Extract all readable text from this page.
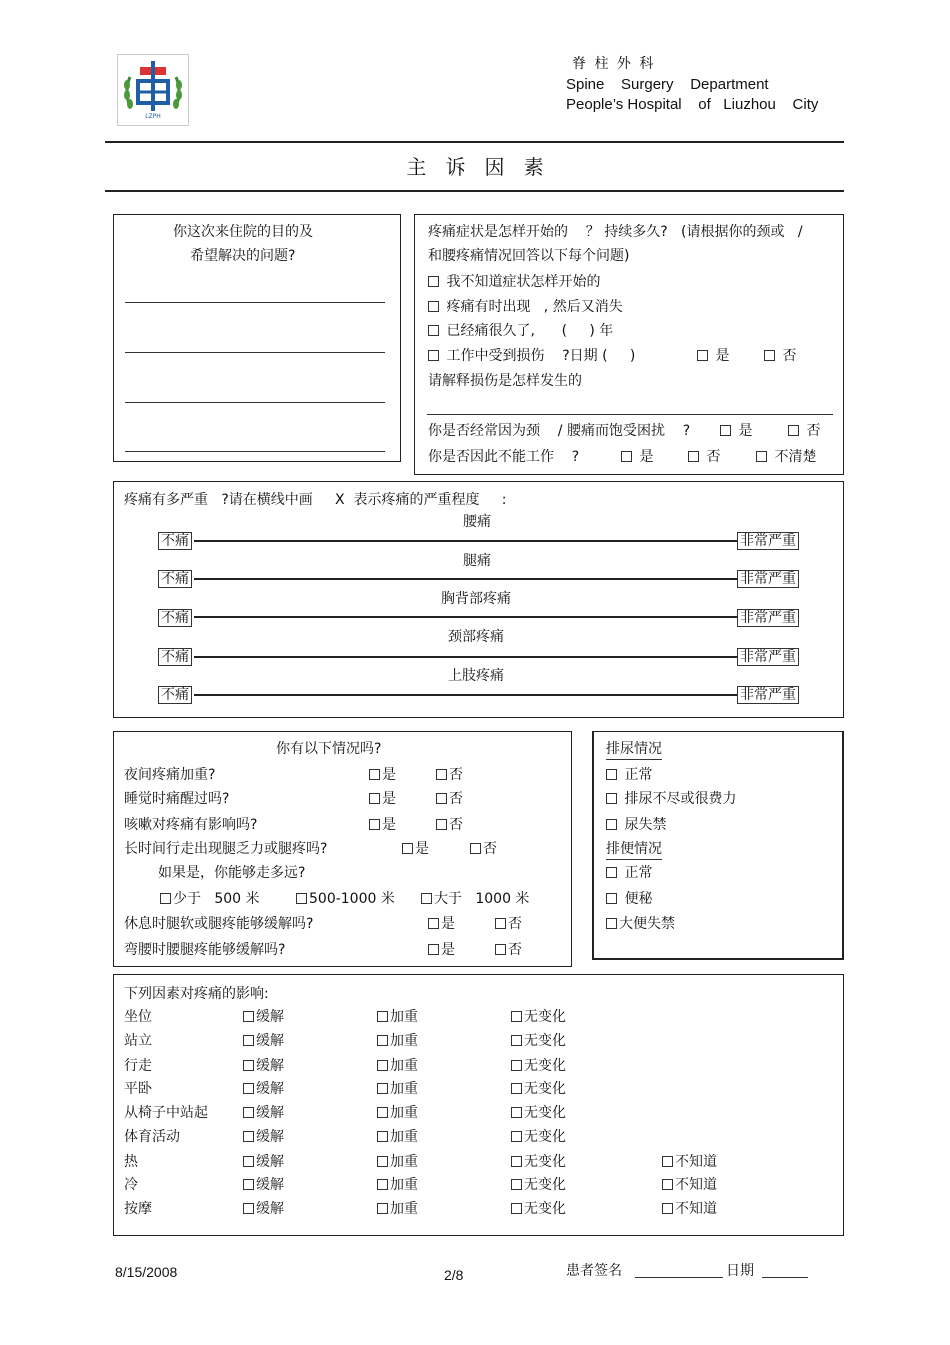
LZPH
脊 柱 外 科
Spine    Surgery    Department
People’s Hospital    of   Liuzhou    City
主   诉   因   素
你这次来住院的目的及
希望解决的问题?
疼痛症状是怎样开始的    ？ 持续多久?   (请根据你的颈或   /
和腰疼痛情况回答以下每个问题)
我不知道症状怎样开始的
疼痛有时出现   , 然后又消失
已经痛很久了,      (     ) 年
工作中受到损伤    ?日期 (     )	是	否
请解释损伤是怎样发生的
你是否经常因为颈    / 腰痛而饱受困扰    ?	是	否
你是否因此不能工作    ?	是	否	不清楚
疼痛有多严重   ?请在横线中画     X  表示疼痛的严重程度     :
腰痛
不痛	非常严重
腿痛
不痛	非常严重
胸背部疼痛
不痛	非常严重
颈部疼痛
不痛	非常严重
上肢疼痛
不痛	非常严重
你有以下情况吗?
夜间疼痛加重?	是	否
睡觉时痛醒过吗?	是	否
咳嗽对疼痛有影响吗?	是	否
长时间行走出现腿乏力或腿疼吗?	是	否
如果是，你能够走多远?
少于   500 米	500-1000 米	大于   1000 米
休息时腿软或腿疼能够缓解吗?	是	否
弯腰时腰腿疼能够缓解吗?	是	否
排尿情况
正常
排尿不尽或很费力
尿失禁
排便情况
正常
便秘
大便失禁
下列因素对疼痛的影响:
坐位	缓解	加重	无变化
站立	缓解	加重	无变化
行走	缓解	加重	无变化
平卧	缓解	加重	无变化
从椅子中站起	缓解	加重	无变化
体育活动	缓解	加重	无变化
热	缓解	加重	无变化	不知道
冷	缓解	加重	无变化	不知道
按摩	缓解	加重	无变化	不知道
8/15/2008	2/8	患者签名	日期
